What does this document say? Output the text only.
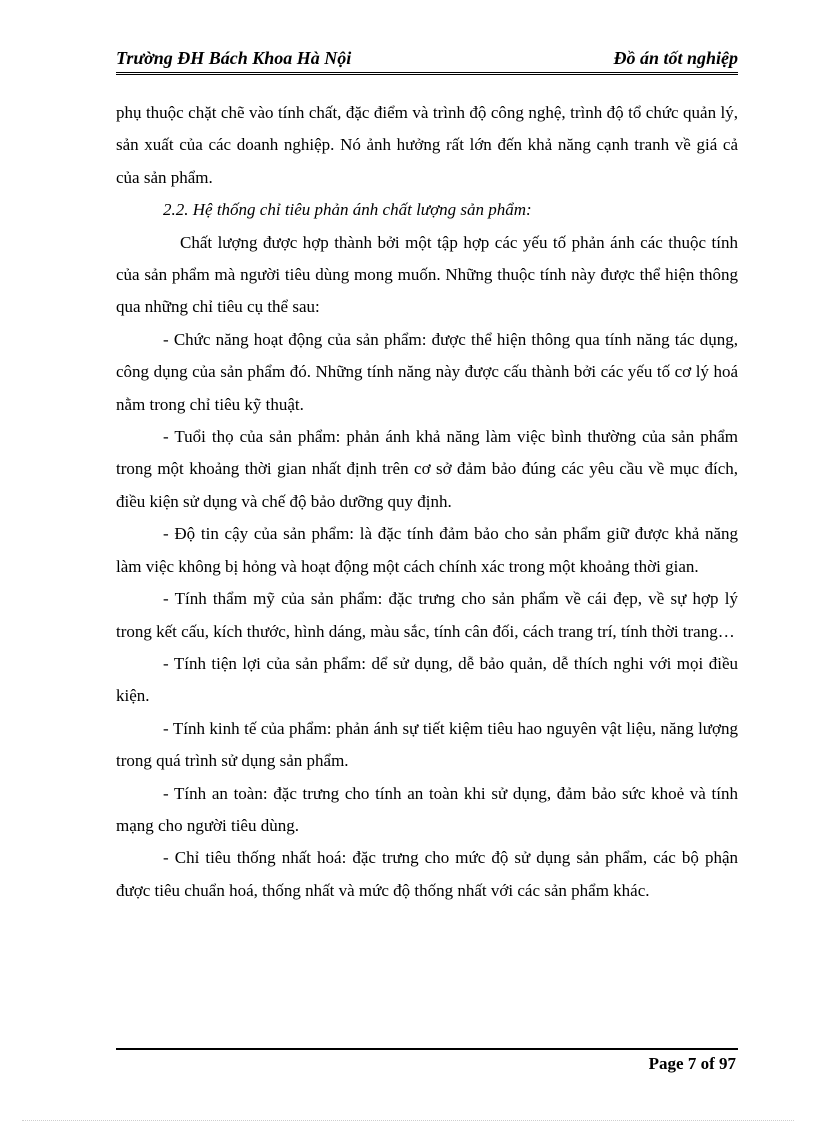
Trường ĐH Bách Khoa Hà Nội	Đồ án tốt nghiệp

phụ thuộc chặt chẽ vào tính chất, đặc điểm và trình độ công nghệ, trình độ tổ chức quản lý, sản xuất của các doanh nghiệp. Nó ảnh hưởng rất lớn đến khả năng cạnh tranh về giá cả của sản phẩm.

2.2. Hệ thống chỉ tiêu phản ánh chất lượng sản phẩm:

Chất lượng được hợp thành bởi một tập hợp các yếu tố phản ánh các thuộc tính của sản phẩm mà người tiêu dùng mong muốn. Những thuộc tính này được thể hiện thông qua những chỉ tiêu cụ thể sau:

- Chức năng hoạt động của sản phẩm: được thể hiện thông qua tính năng tác dụng, công dụng của sản phẩm đó. Những tính năng này được cấu thành bởi các yếu tố cơ lý hoá nằm trong chỉ tiêu kỹ thuật.

- Tuổi thọ của sản phẩm: phản ánh khả năng làm việc bình thường của sản phẩm trong một khoảng thời gian nhất định trên cơ sở đảm bảo đúng các yêu cầu về mục đích, điều kiện sử dụng và chế độ bảo dưỡng quy định.

- Độ tin cậy của sản phẩm: là đặc tính đảm bảo cho sản phẩm giữ được khả năng làm việc không bị hỏng và hoạt động một cách chính xác trong một khoảng thời gian.

- Tính thẩm mỹ của sản phẩm: đặc trưng cho sản phẩm về cái đẹp, về sự hợp lý trong kết cấu, kích thước, hình dáng, màu sắc, tính cân đối, cách trang trí, tính thời trang…

- Tính tiện lợi của sản phẩm: dể sử dụng, dễ bảo quản, dễ thích nghi với mọi điều kiện.

- Tính kinh tế của phẩm: phản ánh sự tiết kiệm tiêu hao nguyên vật liệu, năng lượng trong quá trình sử dụng sản phẩm.

- Tính an toàn: đặc trưng cho tính an toàn khi sử dụng, đảm bảo sức khoẻ và tính mạng cho người tiêu dùng.

- Chỉ tiêu thống nhất hoá: đặc trưng cho mức độ sử dụng sản phẩm, các bộ phận được tiêu chuẩn hoá, thống nhất và mức độ thống nhất với các sản phẩm khác.

Page 7 of 97
